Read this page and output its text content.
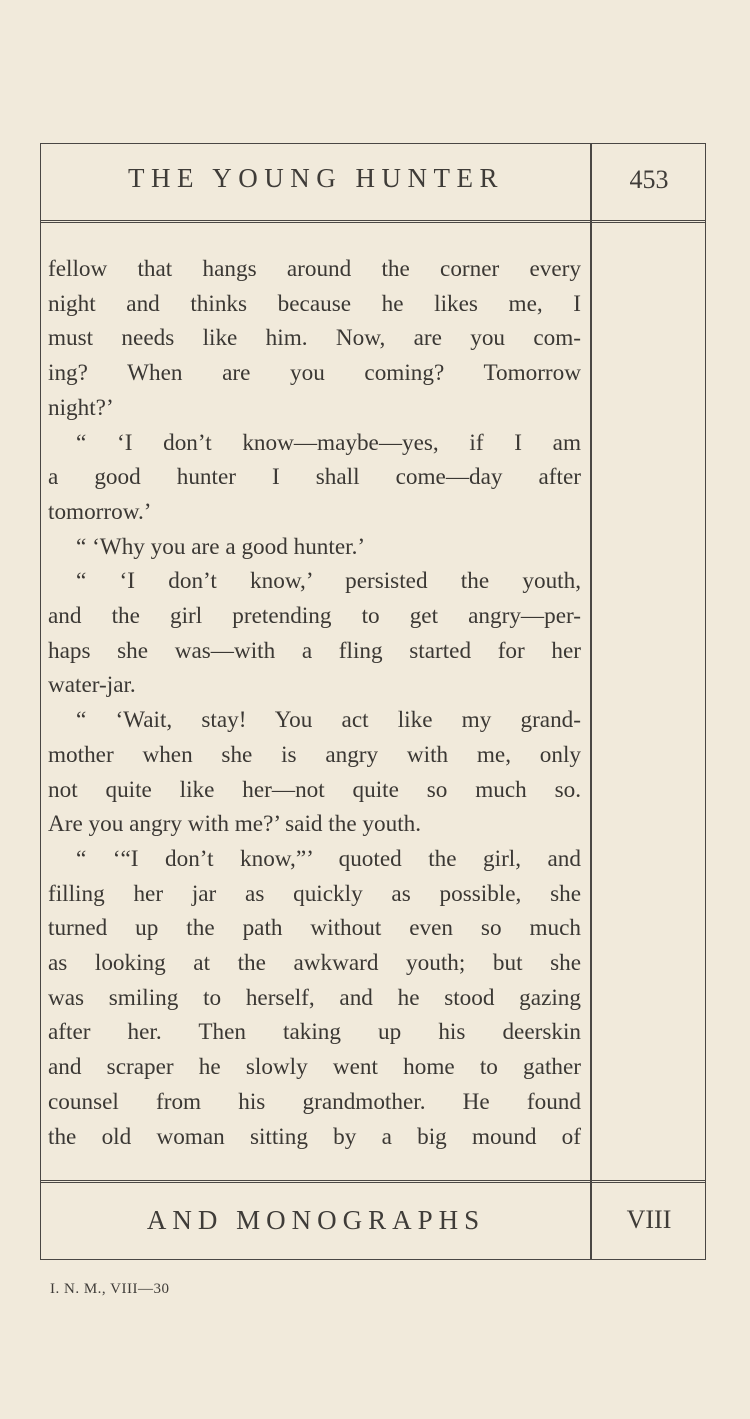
THE YOUNG HUNTER	453
fellow that hangs around the corner every
night and thinks because he likes me, I
must needs like him. Now, are you com-
ing? When are you coming? Tomorrow
night?’
“ ‘I don’t know—maybe—yes, if I am
a good hunter I shall come—day after
tomorrow.’
“ ‘Why you are a good hunter.’
“ ‘I don’t know,’ persisted the youth,
and the girl pretending to get angry—per-
haps she was—with a fling started for her
water-jar.
“ ‘Wait, stay! You act like my grand-
mother when she is angry with me, only
not quite like her—not quite so much so.
Are you angry with me?’ said the youth.
“ ‘“I don’t know,”’ quoted the girl, and
filling her jar as quickly as possible, she
turned up the path without even so much
as looking at the awkward youth; but she
was smiling to herself, and he stood gazing
after her. Then taking up his deerskin
and scraper he slowly went home to gather
counsel from his grandmother. He found
the old woman sitting by a big mound of
AND MONOGRAPHS	VIII
I. N. M., VIII—30
